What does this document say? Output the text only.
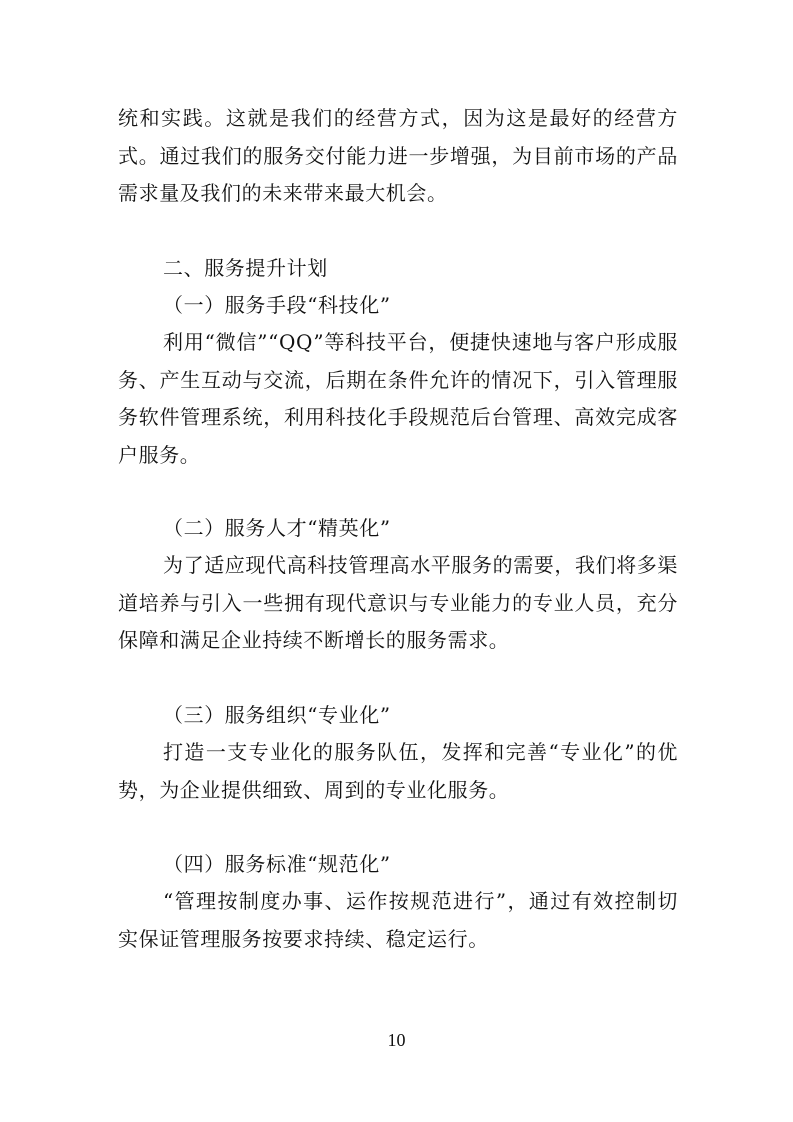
统和实践。这就是我们的经营方式，因为这是最好的经营方式。通过我们的服务交付能力进一步增强，为目前市场的产品需求量及我们的未来带来最大机会。

二、服务提升计划

（一）服务手段“科技化”

利用“微信”“QQ”等科技平台，便捷快速地与客户形成服务、产生互动与交流，后期在条件允许的情况下，引入管理服务软件管理系统，利用科技化手段规范后台管理、高效完成客户服务。

（二）服务人才“精英化”

为了适应现代高科技管理高水平服务的需要，我们将多渠道培养与引入一些拥有现代意识与专业能力的专业人员，充分保障和满足企业持续不断增长的服务需求。

（三）服务组织“专业化”

打造一支专业化的服务队伍，发挥和完善“专业化”的优势，为企业提供细致、周到的专业化服务。

（四）服务标准“规范化”

“管理按制度办事、运作按规范进行”，通过有效控制切实保证管理服务按要求持续、稳定运行。

10
